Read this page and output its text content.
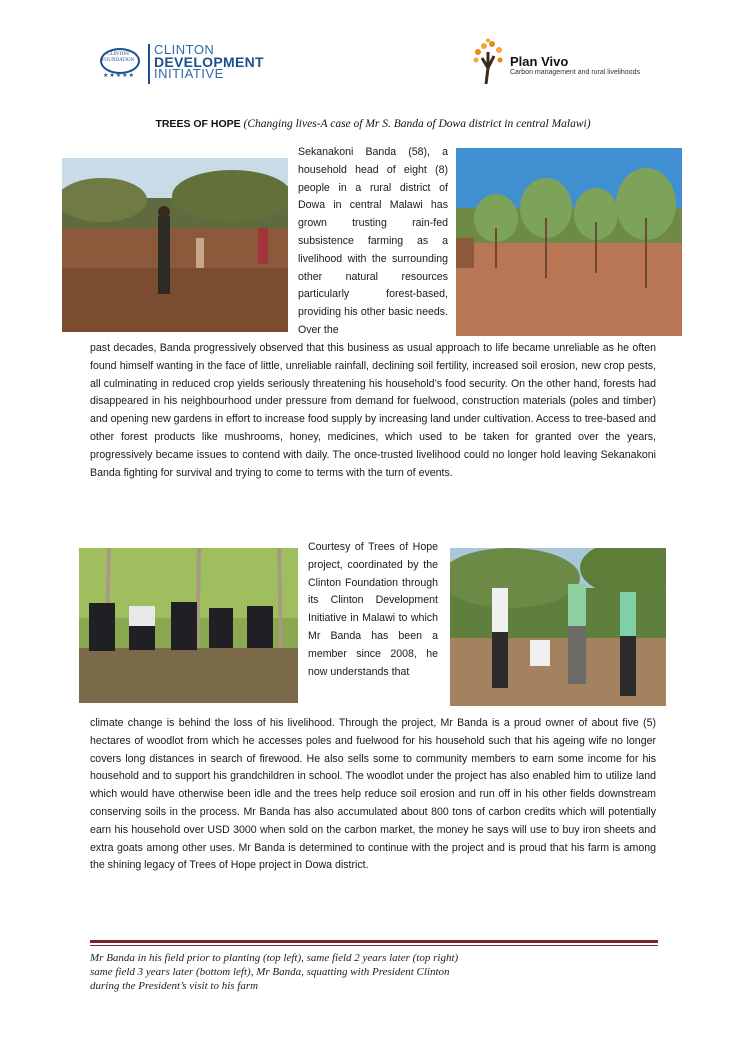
CLINTON FOUNDATION
★★★★★
CLINTON
DEVELOPMENT
INITIATIVE
Plan Vivo
Carbon management and rural livelihoods
TREES OF HOPE (Changing lives-A case of Mr S. Banda of Dowa district in central Malawi)
Sekanakoni Banda (58), a household head of eight (8) people in a rural district of Dowa in central Malawi has grown trusting rain-fed subsistence farming as a livelihood with the surrounding other natural resources particularly forest-based, providing his other basic needs. Over the
past decades, Banda progressively observed that this business as usual approach to life became unreliable as he often found himself wanting in the face of little, unreliable rainfall, declining soil fertility, increased soil erosion, new crop pests, all culminating in reduced crop yields seriously threatening his household’s food security. On the other hand, forests had disappeared in his neighbourhood under pressure from demand for fuelwood, construction materials (poles and timber) and opening new gardens in effort to increase food supply by increasing land under cultivation. Access to tree-based and other forest products like mushrooms, honey, medicines, which used to be taken for granted over the years, progressively became issues to contend with daily. The once-trusted livelihood could no longer hold leaving Sekanakoni Banda fighting for survival and trying to come to terms with the turn of events.
Courtesy of Trees of Hope project, coordinated by the Clinton Foundation through its Clinton Development Initiative in Malawi to which Mr Banda has been a member since 2008, he now understands that
climate change is behind the loss of his livelihood. Through the project, Mr Banda is a proud owner of about five (5) hectares of woodlot from which he accesses poles and fuelwood for his household such that his ageing wife no longer covers long distances in search of firewood. He also sells some to community members to earn some income for his household and to support his grandchildren in school. The woodlot under the project has also enabled him to utilize land which would have otherwise been idle and the trees help reduce soil erosion and run off in his other fields downstream conserving soils in the process. Mr Banda has also accumulated about 800 tons of carbon credits which will potentially earn his household over USD 3000 when sold on the carbon market, the money he says will use to buy iron sheets and extra goats among other uses. Mr Banda is determined to continue with the project and is proud that his farm is among the shining legacy of Trees of Hope project in Dowa district.
Mr Banda in his field prior to planting (top left), same field 2 years later (top right)
same field 3 years later (bottom left), Mr Banda, squatting with President Clinton
during the President’s visit to his farm
